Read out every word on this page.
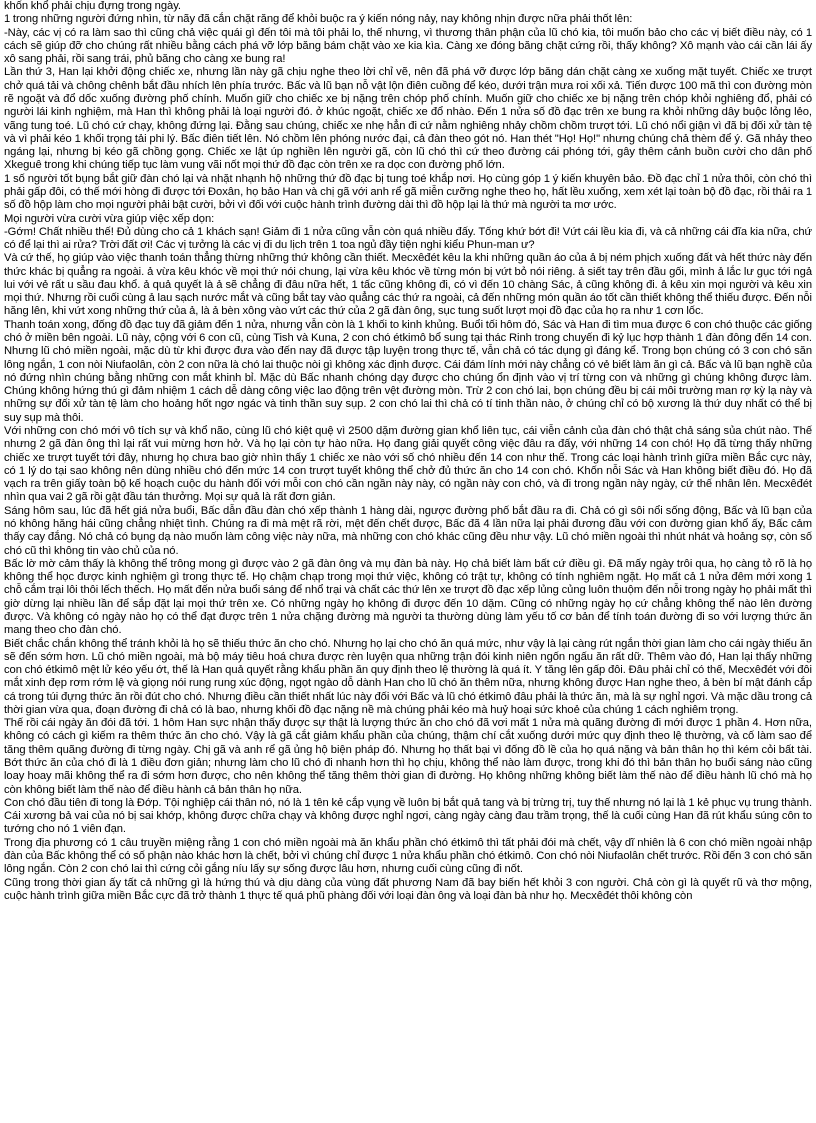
khốn khổ phải chịu đựng trong ngày.

1 trong những người đứng nhìn, từ nãy đã cắn chặt răng để khỏi buộc ra ý kiến nóng nảy, nay không nhịn được nữa phải thốt lên:

-Này, các vị có ra làm sao thì cũng chả việc quái gì đến tôi mà tôi phải lo, thế nhưng, vì thương thân phận của lũ chó kia, tôi muốn bảo cho các vị biết điều này, có 1 cách sẽ giúp đỡ cho chúng rất nhiều bằng cách phá vỡ lớp băng bám chặt vào xe kia kìa. Càng xe đóng băng chặt cứng rồi, thấy không? Xô mạnh vào cái cần lái ấy xô sang phải, rồi sang trái, phủ băng cho càng xe bung ra!

Lần thứ 3, Han lại khởi động chiếc xe, nhưng lần này gã chịu nghe theo lời chỉ vẽ, nên đã phá vỡ được lớp băng dán chặt càng xe xuống mặt tuyết. Chiếc xe trượt chở quá tải và chông chênh bắt đầu nhích lên phía trước. Bấc và lũ bạn nỗ vật lộn điên cuồng để kéo, dưới trận mưa roi xối xả. Tiến được 100 mã thì con đường mòn rẽ ngoặt và đổ dốc xuống đường phố chính. Muốn giữ cho chiếc xe bị nặng trên chóp phố chính. Muốn giữ cho chiếc xe bị nặng trên chóp khỏi nghiêng đổ, phải có người lái kinh nghiệm, mà Han thì không phải là loại người đó. ở khúc ngoặt, chiếc xe đổ nhào. Đến 1 nửa số đồ đạc trên xe bung ra khỏi những dây buộc lỏng lẻo, vãng tung toé. Lũ chó cứ chạy, không đứng lại. Đằng sau chúng, chiếc xe nhẹ hẳn đi cứ nằm nghiêng nhảy chồm chồm trượt tới. Lũ chó nổi giận vì đã bị đối xử tàn tệ và vì phải kéo 1 khối trọng tải phi lý. Bấc điên tiết lên. Nó chồm lên phóng nước đại, cả đàn theo gót nó. Han thét "Họ! Họ!" nhưng chúng chả thèm để ý. Gã nhảy theo ngáng lại, nhưng bị kéo gã chồng gọng. Chiếc xe lật úp nghiền lên người gã, còn lũ chó thì cứ theo đường cái phóng tới, gây thêm cảnh buồn cười cho dân phố Xkeguê trong khi chúng tiếp tục làm vung vãi nốt mọi thứ đồ đạc còn trên xe ra dọc con đường phố lớn.

1 số người tốt bụng bắt giữ đàn chó lại và nhặt nhạnh hộ những thứ đồ đạc bị tung toé khắp nơi. Họ cùng góp 1 ý kiến khuyên bảo. Đồ đạc chỉ 1 nửa thôi, còn chó thì phải gấp đôi, có thế mới hòng đi được tới Đoxân, họ bảo Han và chị gã với anh rể gã miễn cưỡng nghe theo họ, hất lều xuống, xem xét lại toàn bộ đồ đạc, rồi thải ra 1 số đồ hộp làm cho mọi người phải bật cười, bởi vì đối với cuộc hành trình đường dài thì đồ hộp lại là thứ mà người ta mơ ước.

Mọi người vừa cười vừa giúp việc xếp dọn:

-Gớm! Chất nhiều thế! Đủ dùng cho cả 1 khách sạn! Giảm đi 1 nửa cũng vẫn còn quá nhiều đấy. Tống khứ bớt đi! Vứt cái lều kia đi, và cả những cái đĩa kia nữa, chứ có để lại thì ai rửa? Trời đất ơi! Các vị tưởng là các vị đi du lịch trên 1 toa ngủ đầy tiện nghi kiểu Phun-man ư?

Và cứ thế, họ giúp vào việc thanh toán thẳng thừng những thứ không cần thiết. Mecxêđét kêu la khi những quần áo của ả bị ném phịch xuống đất và hết thức này đến thức khác bị quẳng ra ngoài. ả vừa kêu khóc về mọi thứ nói chung, lại vừa kêu khóc về từng món bị vứt bỏ nói riêng. ả siết tay trên đầu gối, mình ả lắc lư gục tới ngả lui với vẻ rất u sầu đau khổ. ả quả quyết là ả sẽ chẳng đi đâu nữa hết, 1 tấc cũng không đi, có vì đến 10 chàng Sác, ả cũng không đi. ả kêu xin mọi người và kêu xin mọi thứ. Nhưng rồi cuối cùng ả lau sạch nước mắt và cũng bắt tay vào quẳng các thứ ra ngoài, cả đến những món quần áo tốt cần thiết không thể thiếu được. Đến nỗi hăng lên, khi vứt xong những thứ của ả, là ả bèn xông vào vứt các thứ của 2 gã đàn ông, sục tung suốt lượt mọi đồ đạc của họ ra như 1 cơn lốc.

Thanh toán xong, đống đồ đạc tuy đã giảm đến 1 nửa, nhưng vẫn còn là 1 khối to kinh khủng. Buổi tối hôm đó, Sác và Han đi tìm mua được 6 con chó thuộc các giống chó ở miền bên ngoài. Lũ này, cộng với 6 con cũ, cùng Tish và Kuna, 2 con chó étkimô bổ sung tại thác Rinh trong chuyến đi kỷ lục hợp thành 1 đàn đông đến 14 con. Nhưng lũ chó miền ngoài, mặc dù từ khi được đưa vào đến nay đã được tập luyện trong thực tế, vẫn chả có tác dụng gì đáng kể. Trong bọn chúng có 3 con chó săn lông ngắn, 1 con nòi Niufaolân, còn 2 con nữa là chó lai thuộc nòi gì không xác định được. Cái đám lính mới này chẳng có vẻ biết làm ăn gì cả. Bấc và lũ bạn nghề của nó đứng nhìn chúng bằng những con mắt khinh bỉ. Mặc dù Bấc nhanh chóng dạy được cho chúng ổn định vào vị trí từng con và những gì chúng không được làm. Chúng không hứng thú gì đảm nhiệm 1 cách dễ dàng công việc lao động trên vệt đường mòn. Trừ 2 con chó lai, bọn chúng đều bị cái môi trường man rợ kỳ lạ này và những sự đối xử tàn tệ làm cho hoảng hốt ngơ ngác và tinh thần suy sụp. 2 con chó lai thì chả có tí tinh thần nào, ở chúng chỉ có bộ xương là thứ duy nhất có thể bị suy sụp mà thôi.

Với những con chó mới vô tích sự và khổ não, cùng lũ chó kiệt quệ vì 2500 dặm đường gian khổ liên tục, cái viễn cảnh của đàn chó thật chả sáng sủa chút nào. Thế nhưng 2 gã đàn ông thì lại rất vui mừng hơn hở. Và họ lại còn tự hào nữa. Họ đang giải quyết công việc đâu ra đấy, với những 14 con chó! Họ đã từng thấy những chiếc xe trượt tuyết tới đây, nhưng họ chưa bao giờ nhìn thấy 1 chiếc xe nào với số chó nhiều đến 14 con như thế. Trong các loại hành trình giữa miền Bắc cực này, có 1 lý do tại sao không nên dùng nhiều chó đến mức 14 con trượt tuyết không thể chở đủ thức ăn cho 14 con chó. Khốn nỗi Sác và Han không biết điều đó. Họ đã vạch ra trên giấy toàn bộ kế hoạch cuộc du hành đối với mỗi con chó cần ngần này này, có ngần này con chó, và đi trong ngần này ngày, cứ thế nhân lên. Mecxêđét nhìn qua vai 2 gã rồi gật đầu tán thưởng. Mọi sự quả là rất đơn giản.

Sáng hôm sau, lúc đã hết giá nửa buổi, Bấc dẫn đầu đàn chó xếp thành 1 hàng dài, ngược đường phố bắt đầu ra đi. Chả có gì sôi nổi sống động, Bấc và lũ bạn của nó không hăng hái cũng chẳng nhiệt tình. Chúng ra đi mà mệt rã rời, mệt đến chết được, Bấc đã 4 lần nữa lại phải đương đầu với con đường gian khổ ấy, Bấc cảm thấy cay đắng. Nó chả có bụng dạ nào muốn làm công việc này nữa, mà những con chó khác cũng đều như vậy. Lũ chó miền ngoài thì nhút nhát và hoảng sợ, còn số chó cũ thì không tin vào chủ của nó.

Bấc lờ mờ cảm thấy là không thể trông mong gì được vào 2 gã đàn ông và mụ đàn bà này. Họ chả biết làm bất cứ điều gì. Đã mấy ngày trôi qua, họ càng tỏ rõ là họ không thể học được kinh nghiệm gì trong thực tế. Họ chậm chạp trong mọi thứ việc, không có trật tự, không có tính nghiêm ngặt. Họ mất cả 1 nửa đêm mới xong 1 chỗ cắm trại lôi thôi lếch thếch. Họ mất đến nửa buổi sáng để nhổ trại và chất các thứ lên xe trượt đồ đạc xếp lủng củng luôn thuộm đến nỗi trong ngày họ phải mất thì giờ dừng lại nhiều lần để sắp đặt lại mọi thứ trên xe. Có những ngày họ không đi được đến 10 dặm. Cũng có những ngày họ cứ chẳng không thể nào lên đường được. Và không có ngày nào họ có thể đạt được trên 1 nửa chặng đường mà người ta thường dùng làm yếu tố cơ bản để tính toán đường đi so với lượng thức ăn mang theo cho đàn chó.

Biết chắc chắn không thể tránh khỏi là họ sẽ thiếu thức ăn cho chó. Nhưng họ lại cho chó ăn quá mức, như vậy là lại càng rút ngắn thời gian làm cho cái ngày thiếu ăn sẽ đến sớm hơn. Lũ chó miền ngoài, mà bộ máy tiêu hoá chưa được rèn luyện qua những trận đói kinh niên ngốn ngấu ăn rất dữ. Thêm vào đó, Han lại thấy những con chó étkimô mệt lử kéo yếu ớt, thế là Han quả quyết rằng khẩu phần ăn quy định theo lệ thường là quá ít. Y tăng lên gấp đôi. Đâu phải chỉ có thế, Mecxêđét với đôi mắt xinh đẹp rơm rớm lệ và giọng nói rung rung xúc động, ngọt ngào dỗ dành Han cho lũ chó ăn thêm nữa, nhưng không được Han nghe theo, ả bèn bí mật đánh cắp cá trong túi đựng thức ăn rồi đút cho chó. Nhưng điều cần thiết nhất lúc này đối với Bấc và lũ chó étkimô đâu phải là thức ăn, mà là sự nghỉ ngơi. Và mặc dầu trong cả thời gian vừa qua, đoạn đường đi chả có là bao, nhưng khối đồ đạc nặng nề mà chúng phải kéo mà huỷ hoại sức khoẻ của chúng 1 cách nghiêm trọng.

Thế rồi cái ngày ăn đói đã tới. 1 hôm Han sực nhận thấy được sự thật là lượng thức ăn cho chó đã vơi mất 1 nửa mà quãng đường đi mới được 1 phần 4. Hơn nữa, không có cách gì kiếm ra thêm thức ăn cho chó. Vậy là gã cắt giảm khẩu phần của chúng, thậm chí cắt xuống dưới mức quy định theo lệ thường, và cố làm sao để tăng thêm quãng đường đi từng ngày. Chị gã và anh rể gã ủng hộ biện pháp đó. Nhưng họ thất bại vì đống đồ lề của họ quá nặng và bản thân họ thì kém cỏi bất tài. Bớt thức ăn của chó đi là 1 điều đơn giản; nhưng làm cho lũ chó đi nhanh hơn thì họ chịu, không thể nào làm được, trong khi đó thì bản thân họ buổi sáng nào cũng loay hoay mãi không thể ra đi sớm hơn được, cho nên không thể tăng thêm thời gian đi đường. Họ không những không biết làm thế nào để điều hành lũ chó mà họ còn không biết làm thế nào để điều hành cả bản thân họ nữa.

Con chó đầu tiên đi tong là Đớp. Tội nghiệp cái thân nó, nó là 1 tên kẻ cắp vụng về luôn bị bắt quả tang và bị trừng trị, tuy thế nhưng nó lại là 1 kẻ phục vụ trung thành. Cái xương bả vai của nó bị sai khớp, không được chữa chạy và không được nghỉ ngơi, càng ngày càng đau trầm trọng, thế là cuối cùng Han đã rút khẩu súng côn to tướng cho nó 1 viên đạn.

Trong địa phương có 1 câu truyền miệng rằng 1 con chó miền ngoài mà ăn khẩu phần chó étkimô thì tất phải đói mà chết, vậy dĩ nhiên là 6 con chó miền ngoài nhập đàn của Bấc không thể có số phận nào khác hơn là chết, bởi vì chúng chỉ được 1 nửa khẩu phần chó étkimô. Con chó nòi Niufaolân chết trước. Rồi đến 3 con chó săn lông ngắn. Còn 2 con chó lai thì cứng cỏi gắng níu lấy sự sống được lâu hơn, nhưng cuối cùng cũng đi nốt.

Cũng trong thời gian ấy tất cả những gì là hứng thú và dịu dàng của vùng đất phương Nam đã bay biến hết khỏi 3 con người. Chả còn gì là quyết rũ và thơ mộng, cuộc hành trình giữa miền Bắc cực đã trở thành 1 thực tế quá phũ phàng đối với loại đàn ông và loại đàn bà như họ. Mecxêđét thôi không còn
